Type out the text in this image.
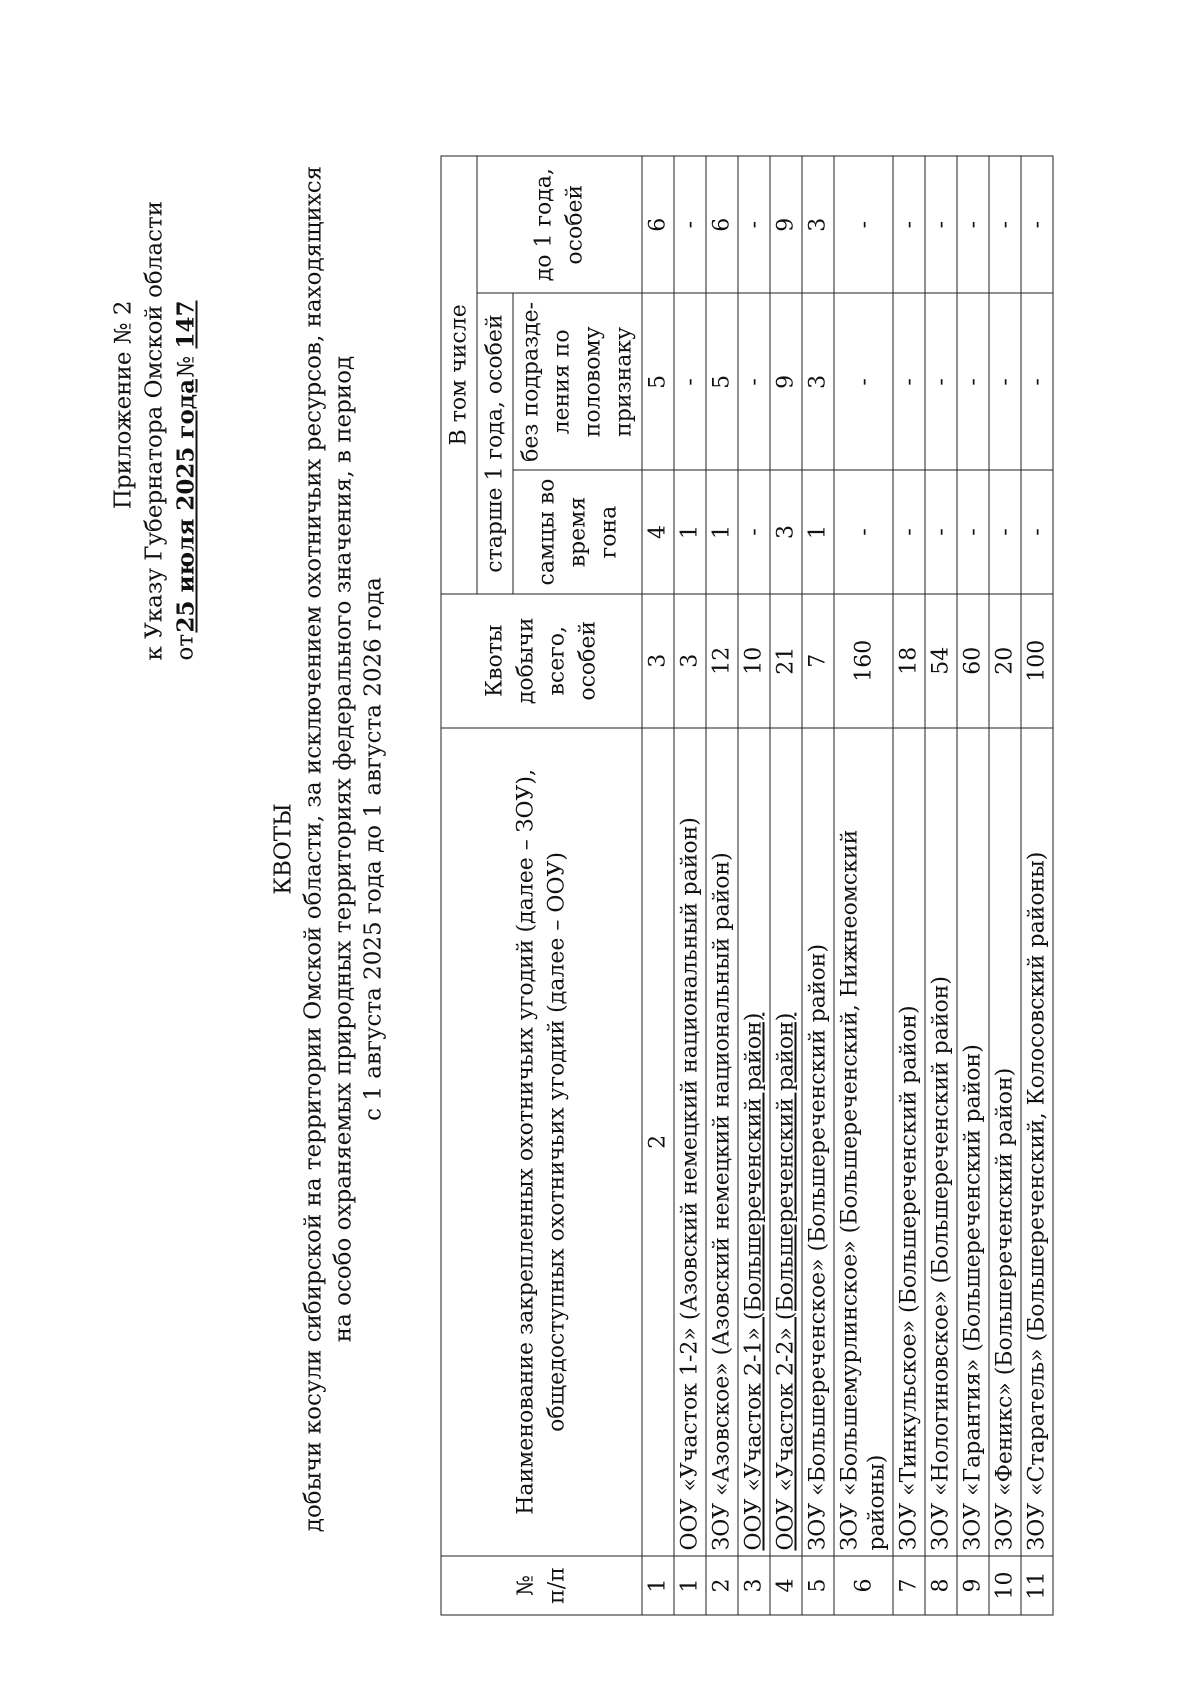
Приложение № 2 к Указу Губернатора Омской области от
25 июля 2025 года
№ 147
КВОТЫ добычи косули сибирской на территории Омской области, за исключением охотничьих ресурсов, находящихся на особо охраняемых природных территориях федерального значения, в период с 1 августа 2025 года до 1 августа 2026 года
№ п/п	Наименование закрепленных охотничьих угодий (далее – ЗОУ), общедоступных охотничьих угодий (далее – ООУ)	Квоты добычи всего, особей	В том числе		
			старше 1 года, особей		до 1 года, особей
			самцы во время гона	без подразде-ления по половому признаку	
1	2	3	4	5	6
1	ООУ «Участок 1-2» (Азовский немецкий национальный район)	3	1	-	-
2	ЗОУ «Азовское» (Азовский немецкий национальный район)	12	1	5	6
3	ООУ «Участок 2-1» (Большереченский район)	10	-	-	-
4	ООУ «Участок 2-2» (Большереченский район)	21	3	9	9
5	ЗОУ «Большереченское» (Большереченский район)	7	1	3	3
6	ЗОУ «Большемурлинское» (Большереченский, Нижнеомский районы)	160	-	-	-
7	ЗОУ «Тинкульское» (Большереченский район)	18	-	-	-
8	ЗОУ «Нологиновское» (Большереченский район)	54	-	-	-
9	ЗОУ «Гарантия» (Большереченский район)	60	-	-	-
10	ЗОУ «Феникс» (Большереченский район)	20	-	-	-
11	ЗОУ «Старатель» (Большереченский, Колосовский районы)	100	-	-	-
